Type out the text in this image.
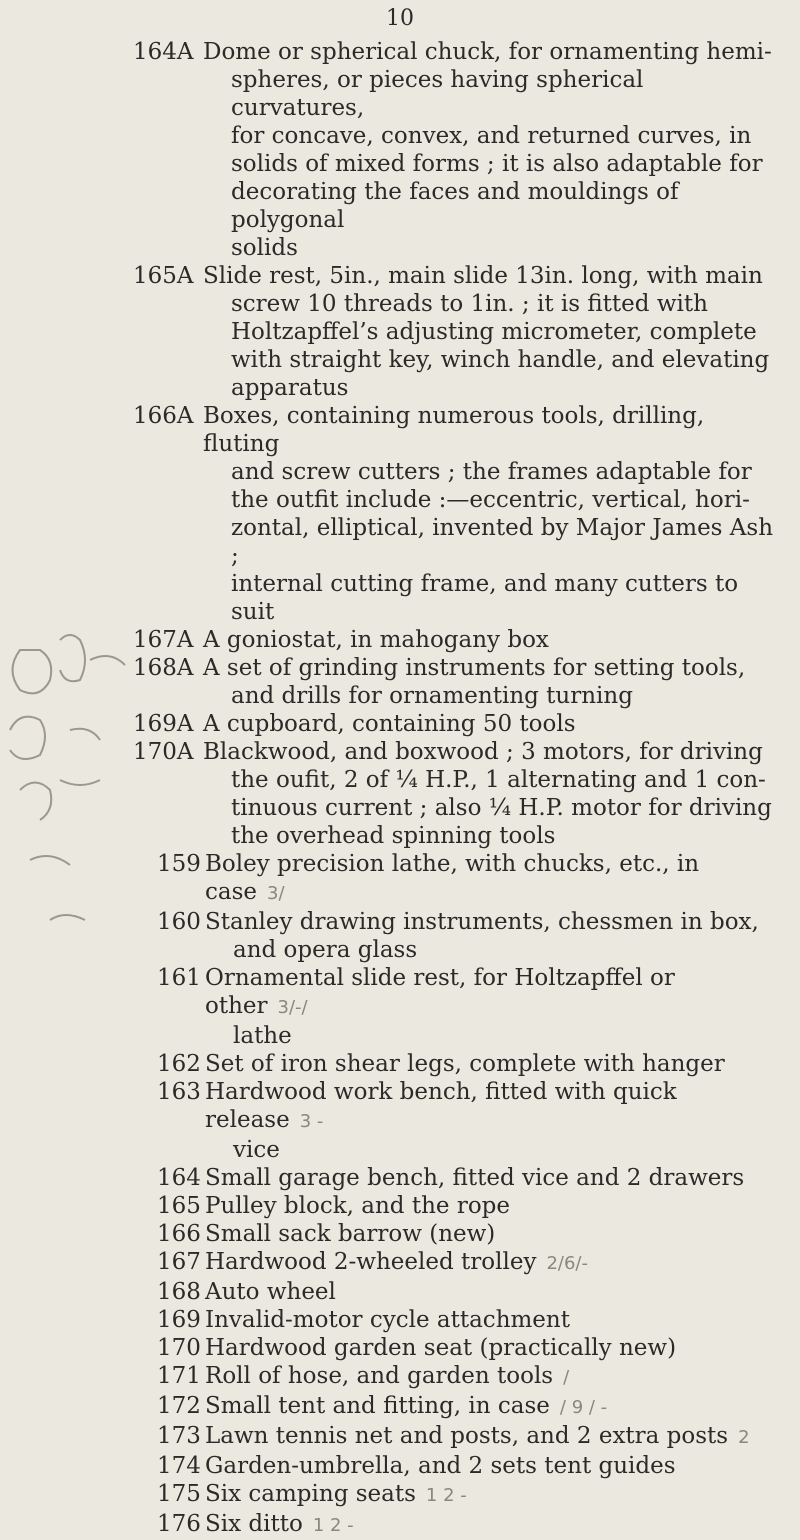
10
164A Dome or spherical chuck, for ornamenting hemi-
spheres, or pieces having spherical curvatures,
for concave, convex, and returned curves, in
solids of mixed forms ; it is also adaptable for
decorating the faces and mouldings of polygonal
solids
165A Slide rest, 5in., main slide 13in. long, with main
screw 10 threads to 1in. ; it is fitted with
Holtzapffel’s adjusting micrometer, complete
with straight key, winch handle, and elevating
apparatus
166A Boxes, containing numerous tools, drilling, fluting
and screw cutters ; the frames adaptable for
the outfit include :—eccentric, vertical, hori-
zontal, elliptical, invented by Major James Ash ;
internal cutting frame, and many cutters to suit
167A A goniostat, in mahogany box
168A A set of grinding instruments for setting tools,
and drills for ornamenting turning
169A A cupboard, containing 50 tools
170A Blackwood, and boxwood ; 3 motors, for driving
the oufit, 2 of ¼ H.P., 1 alternating and 1 con-
tinuous current ; also ¼ H.P. motor for driving
the overhead spinning tools
159 Boley precision lathe, with chucks, etc., in case 3/
160 Stanley drawing instruments, chessmen in box,
and opera glass
161 Ornamental slide rest, for Holtzapffel or other 3/-/
lathe
162 Set of iron shear legs, complete with hanger
163 Hardwood work bench, fitted with quick release 3 -
vice
164 Small garage bench, fitted vice and 2 drawers
165 Pulley block, and the rope
166 Small sack barrow (new)
167 Hardwood 2-wheeled trolley 2/6/-
168 Auto wheel
169 Invalid-motor cycle attachment
170 Hardwood garden seat (practically new)
171 Roll of hose, and garden tools /
172 Small tent and fitting, in case / 9 / -
173 Lawn tennis net and posts, and 2 extra posts 2
174 Garden-umbrella, and 2 sets tent guides
175 Six camping seats 1 2 -
176 Six ditto 1 2 -
